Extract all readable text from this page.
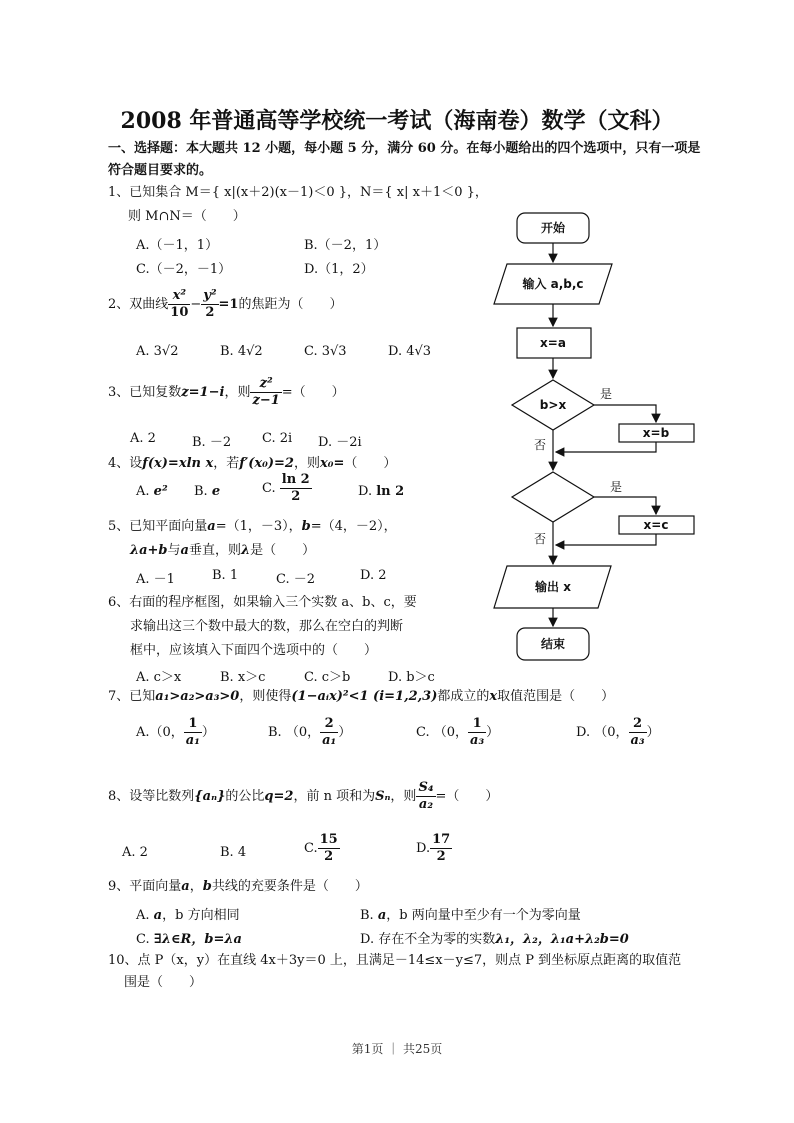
2008 年普通高等学校统一考试（海南卷）数学（文科）
一、选择题：本大题共 12 小题，每小题 5 分，满分 60 分。在每小题给出的四个选项中，只有一项是符合题目要求的。
1、已知集合 M＝{ x|(x＋2)(x－1)＜0 }，N＝{ x| x＋1＜0 }，
则 M∩N＝（　　）
A.（－1，1）	B.（－2，1）
C.（－2，－1）	D.（1，2）
2、双曲线 $\frac{\text{x²}}{10} - \frac{\text{y²}}{2} =1$的焦距为（　　）
A. 3√2	B. 4√2	C. 3√3	D. 4√3
3、已知复数z=1−i，则 $\frac{\text{z²}}{z-1}$ =（　　）
A. 2	B. －2 C. 2i D. －2i
4、设f(x)=xln x，若f′(x₀)=2，则x₀=（　　）
A. e² B. e	C. $\frac{\ln 2}{2}$	D. ln 2
5、已知平面向量a=（1，－3），b=（4，－2），
λa+b与a垂直，则λ是（　　）
A. －1	B. 1	C. －2	D. 2
6、右面的程序框图，如果输入三个实数 a、b、c，要
求输出这三个数中最大的数，那么在空白的判断
框中，应该填入下面四个选项中的（　　）
A. c＞x	B. x＞c	C. c＞b	D. b＞c
开始
输入 a,b,c
x=a
b>x
x=b
x=c
输出 x
结束
是
否
是
否
7、已知a₁>a₂>a₃>0，则使得(1−aᵢx)²<1 (i=1,2,3)都成立的x取值范围是（　　）
A.（0， $\frac{1}{\text{a₁}}$ ）	B. （0， $\frac{2}{\text{a₁}}$ ）	C. （0， $\frac{1}{\text{a₃}}$ ）	D. （0， $\frac{2}{\text{a₃}}$ ）
8、设等比数列{aₙ}的公比q=2，前 n 项和为Sₙ，则 $\frac{\text{S₄}}{\text{a₂}}$ =（　　）
A. 2	B. 4	C. $\frac{15}{2}$	D. $\frac{17}{2}$
9、平面向量a，b共线的充要条件是（　　）
A. a，b 方向相同	B. a，b 两向量中至少有一个为零向量
C. ∃λ∈R，b=λa	D. 存在不全为零的实数λ₁，λ₂，λ₁a+λ₂b=0
10、点 P（x，y）在直线 4x＋3y＝0 上，且满足－14≤x－y≤7，则点 P 到坐标原点距离的取值范
围是（　　）
第1页 ｜ 共25页
